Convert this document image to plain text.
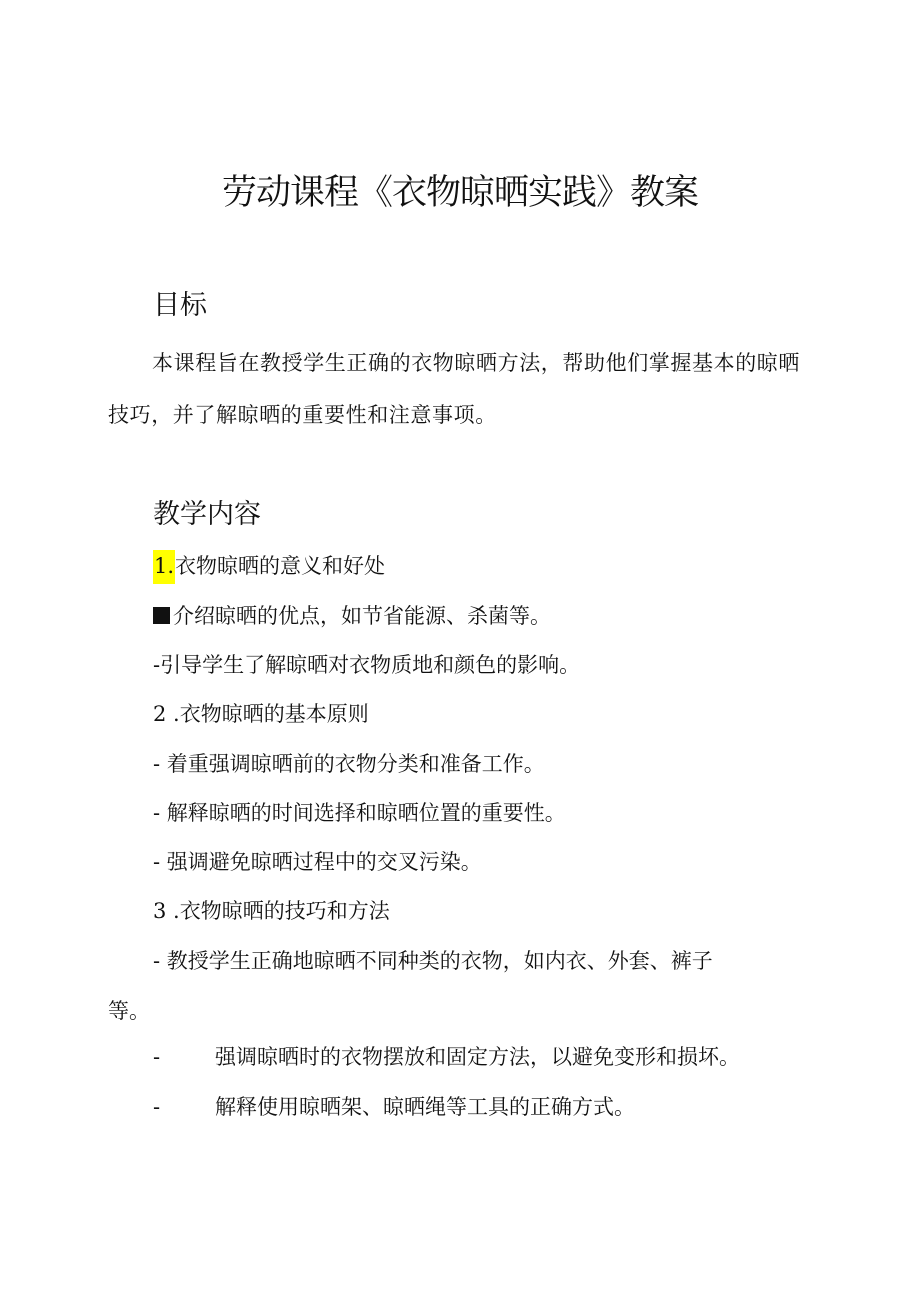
劳动课程《衣物晾晒实践》教案
目标

本课程旨在教授学生正确的衣物晾晒方法，帮助他们掌握基本的晾晒技巧，并了解晾晒的重要性和注意事项。

教学内容
1.衣物晾晒的意义和好处
介绍晾晒的优点，如节省能源、杀菌等。
-引导学生了解晾晒对衣物质地和颜色的影响。
2 .衣物晾晒的基本原则
- 着重强调晾晒前的衣物分类和准备工作。
- 解释晾晒的时间选择和晾晒位置的重要性。
- 强调避免晾晒过程中的交叉污染。
3 .衣物晾晒的技巧和方法
- 教授学生正确地晾晒不同种类的衣物，如内衣、外套、裤子
等。
-	强调晾晒时的衣物摆放和固定方法，以避免变形和损坏。
-	解释使用晾晒架、晾晒绳等工具的正确方式。
